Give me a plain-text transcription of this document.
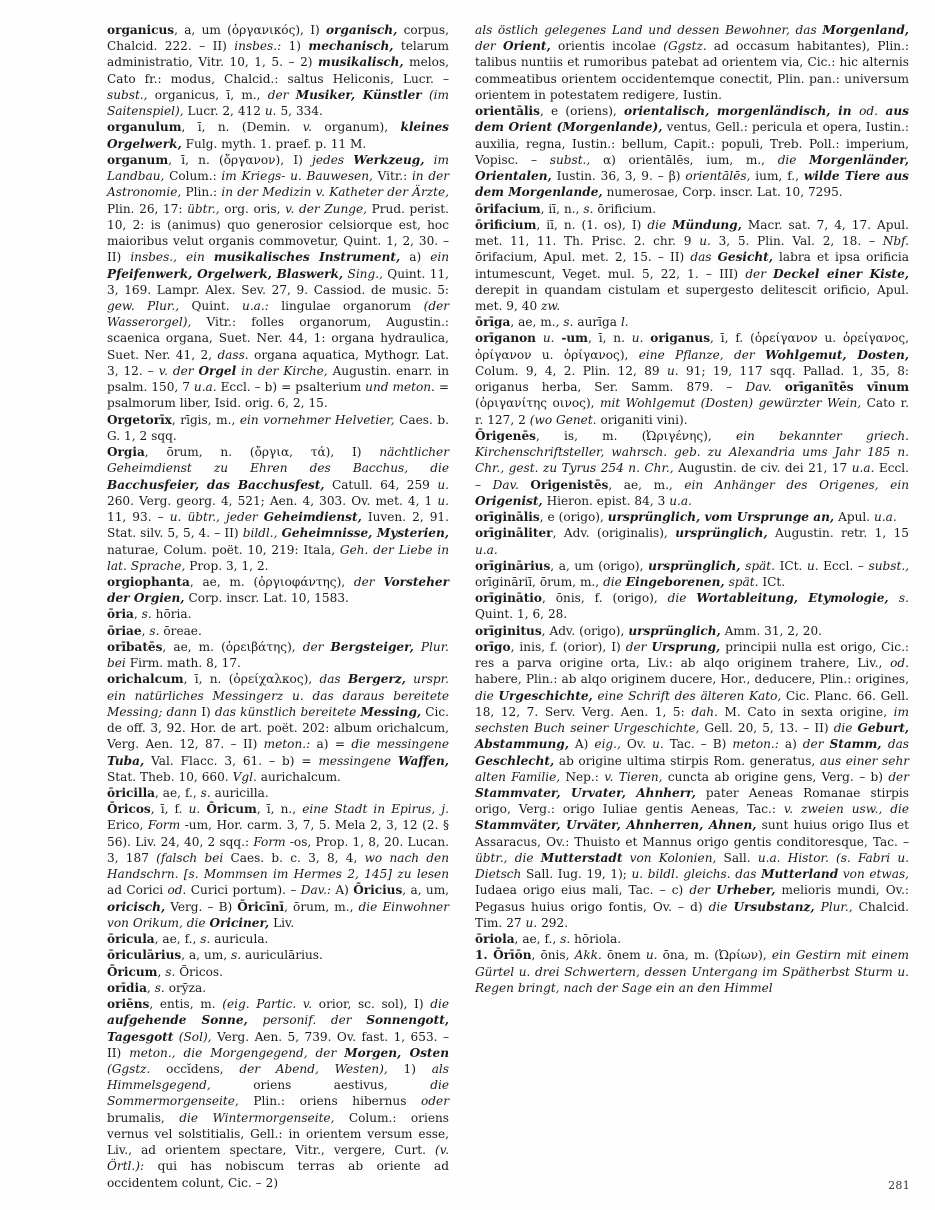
organicus, a, um (ὀργανικός), I) organisch, corpus, Chalcid. 222. – II) insbes.: 1) mechanisch, telarum administratio, Vitr. 10, 1, 5. – 2) musikalisch, melos, Cato fr.: modus, Chalcid.: saltus Heliconis, Lucr. – subst., organicus, ī, m., der Musiker, Künstler (im Saitenspiel), Lucr. 2, 412 u. 5, 334.

organulum, ī, n. (Demin. v. organum), kleines Orgelwerk, Fulg. myth. 1. praef. p. 11 M.

organum, ī, n. (ὄργανον), I) jedes Werkzeug, im Landbau, Colum.: im Kriegs- u. Bauwesen, Vitr.: in der Astronomie, Plin.: in der Medizin v. Katheter der Ärzte, Plin. 26, 17: übtr., org. oris, v. der Zunge, Prud. perist. 10, 2: is (animus) quo generosior celsiorque est, hoc maioribus velut organis commovetur, Quint. 1, 2, 30. – II) insbes., ein musikalisches Instrument, a) ein Pfeifenwerk, Orgelwerk, Blaswerk, Sing., Quint. 11, 3, 169. Lampr. Alex. Sev. 27, 9. Cassiod. de music. 5: gew. Plur., Quint. u.a.: lingulae organorum (der Wasserorgel), Vitr.: folles organorum, Augustin.: scaenica organa, Suet. Ner. 44, 1: organa hydraulica, Suet. Ner. 41, 2, dass. organa aquatica, Mythogr. Lat. 3, 12. – v. der Orgel in der Kirche, Augustin. enarr. in psalm. 150, 7 u.a. Eccl. – b) = psalterium und meton. = psalmorum liber, Isid. orig. 6, 2, 15.

Orgetorīx, rīgis, m., ein vornehmer Helvetier, Caes. b. G. 1, 2 sqq.

Orgia, ōrum, n. (ὄργια, τά), I) nächtlicher Geheimdienst zu Ehren des Bacchus, die Bacchusfeier, das Bacchusfest, Catull. 64, 259 u. 260. Verg. georg. 4, 521; Aen. 4, 303. Ov. met. 4, 1 u. 11, 93. – u. übtr., jeder Geheimdienst, Iuven. 2, 91. Stat. silv. 5, 5, 4. – II) bildl., Geheimnisse, Mysterien, naturae, Colum. poët. 10, 219: Itala, Geh. der Liebe in lat. Sprache, Prop. 3, 1, 2.

orgiophanta, ae, m. (ὀργιοφάντης), der Vorsteher der Orgien, Corp. inscr. Lat. 10, 1583.

ōria, s. hōria.

ōriae, s. ōreae.

orībatēs, ae, m. (ὀρειβάτης), der Bergsteiger, Plur. bei Firm. math. 8, 17.

orichalcum, ī, n. (ὀρείχαλκος), das Bergerz, urspr. ein natürliches Messingerz u. das daraus bereitete Messing; dann I) das künstlich bereitete Messing, Cic. de off. 3, 92. Hor. de art. poët. 202: album orichalcum, Verg. Aen. 12, 87. – II) meton.: a) = die messingene Tuba, Val. Flacc. 3, 61. – b) = messingene Waffen, Stat. Theb. 10, 660. Vgl. aurichalcum.

ōricilla, ae, f., s. auricilla.

Ōricos, ī, f. u. Ōricum, ī, n., eine Stadt in Epirus, j. Erico, Form -um, Hor. carm. 3, 7, 5. Mela 2, 3, 12 (2. § 56). Liv. 24, 40, 2 sqq.: Form -os, Prop. 1, 8, 20. Lucan. 3, 187 (falsch bei Caes. b. c. 3, 8, 4, wo nach den Handschrn. [s. Mommsen im Hermes 2, 145] zu lesen ad Corici od. Curici portum). – Dav.: A) Ōricius, a, um, oricisch, Verg. – B) Ōricīnī, ōrum, m., die Einwohner von Orikum, die Oriciner, Liv.

ōricula, ae, f., s. auricula.

ōriculārius, a, um, s. auriculārius.

Ōricum, s. Ōricos.

orīdia, s. orȳza.

oriēns, entis, m. (eig. Partic. v. orior, sc. sol), I) die aufgehende Sonne, personif. der Sonnengott, Tagesgott (Sol), Verg. Aen. 5, 739. Ov. fast. 1, 653. – II) meton., die Morgengegend, der Morgen, Osten (Ggstz. occĭdens, der Abend, Westen), 1) als Himmelsgegend, oriens aestivus, die Sommermorgenseite, Plin.: oriens hibernus oder brumalis, die Wintermorgenseite, Colum.: oriens vernus vel solstitialis, Gell.: in orientem versum esse, Liv., ad orientem spectare, Vitr., vergere, Curt. (v. Örtl.): qui has nobiscum terras ab oriente ad occidentem colunt, Cic. – 2)

als östlich gelegenes Land und dessen Bewohner, das Morgenland, der Orient, orientis incolae (Ggstz. ad occasum habitantes), Plin.: talibus nuntiis et rumoribus patebat ad orientem via, Cic.: hic alternis commeatibus orientem occidentemque conectit, Plin. pan.: universum orientem in potestatem redigere, Iustin.

orientālis, e (oriens), orientalisch, morgenländisch, in od. aus dem Orient (Morgenlande), ventus, Gell.: pericula et opera, Iustin.: auxilia, regna, Iustin.: bellum, Capit.: populi, Treb. Poll.: imperium, Vopisc. – subst., α) orientālēs, ium, m., die Morgenländer, Orientalen, Iustin. 36, 3, 9. – β) orientālēs, ium, f., wilde Tiere aus dem Morgenlande, numerosae, Corp. inscr. Lat. 10, 7295.

ōrifacium, iī, n., s. ōrificium.

ōrificium, iī, n. (1. os), I) die Mündung, Macr. sat. 7, 4, 17. Apul. met. 11, 11. Th. Prisc. 2. chr. 9 u. 3, 5. Plin. Val. 2, 18. – Nbf. ōrifacium, Apul. met. 2, 15. – II) das Gesicht, labra et ipsa orificia intumescunt, Veget. mul. 5, 22, 1. – III) der Deckel einer Kiste, derepit in quandam cistulam et supergesto delitescit orificio, Apul. met. 9, 40 zw.

ōrīga, ae, m., s. aurīga l.

orīganon u. -um, ī, n. u. origanus, ī, f. (ὀρείγανον u. ὀρείγανος, ὀρίγανον u. ὀρίγανος), eine Pflanze, der Wohlgemut, Dosten, Colum. 9, 4, 2. Plin. 12, 89 u. 91; 19, 117 sqq. Pallad. 1, 35, 8: origanus herba, Ser. Samm. 879. – Dav. orīganītēs vīnum (ὀριγανίτης οινος), mit Wohlgemut (Dosten) gewürzter Wein, Cato r. r. 127, 2 (wo Genet. origaniti vini).

Ōrigenēs, is, m. (Ὠριγένης), ein bekannter griech. Kirchenschriftsteller, wahrsch. geb. zu Alexandria ums Jahr 185 n. Chr., gest. zu Tyrus 254 n. Chr., Augustin. de civ. dei 21, 17 u.a. Eccl. – Dav. Origenistēs, ae, m., ein Anhänger des Origenes, ein Origenist, Hieron. epist. 84, 3 u.a.

orīginālis, e (origo), ursprünglich, vom Ursprunge an, Apul. u.a.

orīgināliter, Adv. (originalis), ursprünglich, Augustin. retr. 1, 15 u.a.

orīginārius, a, um (origo), ursprünglich, spät. ICt. u. Eccl. – subst., orīgināriī, ōrum, m., die Eingeborenen, spät. ICt.

orīginātio, ōnis, f. (origo), die Wortableitung, Etymologie, s. Quint. 1, 6, 28.

orīginitus, Adv. (origo), ursprünglich, Amm. 31, 2, 20.

orīgo, inis, f. (orior), I) der Ursprung, principii nulla est origo, Cic.: res a parva origine orta, Liv.: ab alqo originem trahere, Liv., od. habere, Plin.: ab alqo originem ducere, Hor., deducere, Plin.: origines, die Urgeschichte, eine Schrift des älteren Kato, Cic. Planc. 66. Gell. 18, 12, 7. Serv. Verg. Aen. 1, 5: dah. M. Cato in sexta origine, im sechsten Buch seiner Urgeschichte, Gell. 20, 5, 13. – II) die Geburt, Abstammung, A) eig., Ov. u. Tac. – B) meton.: a) der Stamm, das Geschlecht, ab origine ultima stirpis Rom. generatus, aus einer sehr alten Familie, Nep.: v. Tieren, cuncta ab origine gens, Verg. – b) der Stammvater, Urvater, Ahnherr, pater Aeneas Romanae stirpis origo, Verg.: origo Iuliae gentis Aeneas, Tac.: v. zweien usw., die Stammväter, Urväter, Ahnherren, Ahnen, sunt huius origo Ilus et Assaracus, Ov.: Thuisto et Mannus origo gentis conditoresque, Tac. – übtr., die Mutterstadt von Kolonien, Sall. u.a. Histor. (s. Fabri u. Dietsch Sall. Iug. 19, 1); u. bildl. gleichs. das Mutterland von etwas, Iudaea origo eius mali, Tac. – c) der Urheber, melioris mundi, Ov.: Pegasus huius origo fontis, Ov. – d) die Ursubstanz, Plur., Chalcid. Tim. 27 u. 292.

ōriola, ae, f., s. hōriola.

1. Ōrīōn, ōnis, Akk. ōnem u. ōna, m. (Ὠρίων), ein Gestirn mit einem Gürtel u. drei Schwertern, dessen Untergang im Spätherbst Sturm u. Regen bringt, nach der Sage ein an den Himmel

281
